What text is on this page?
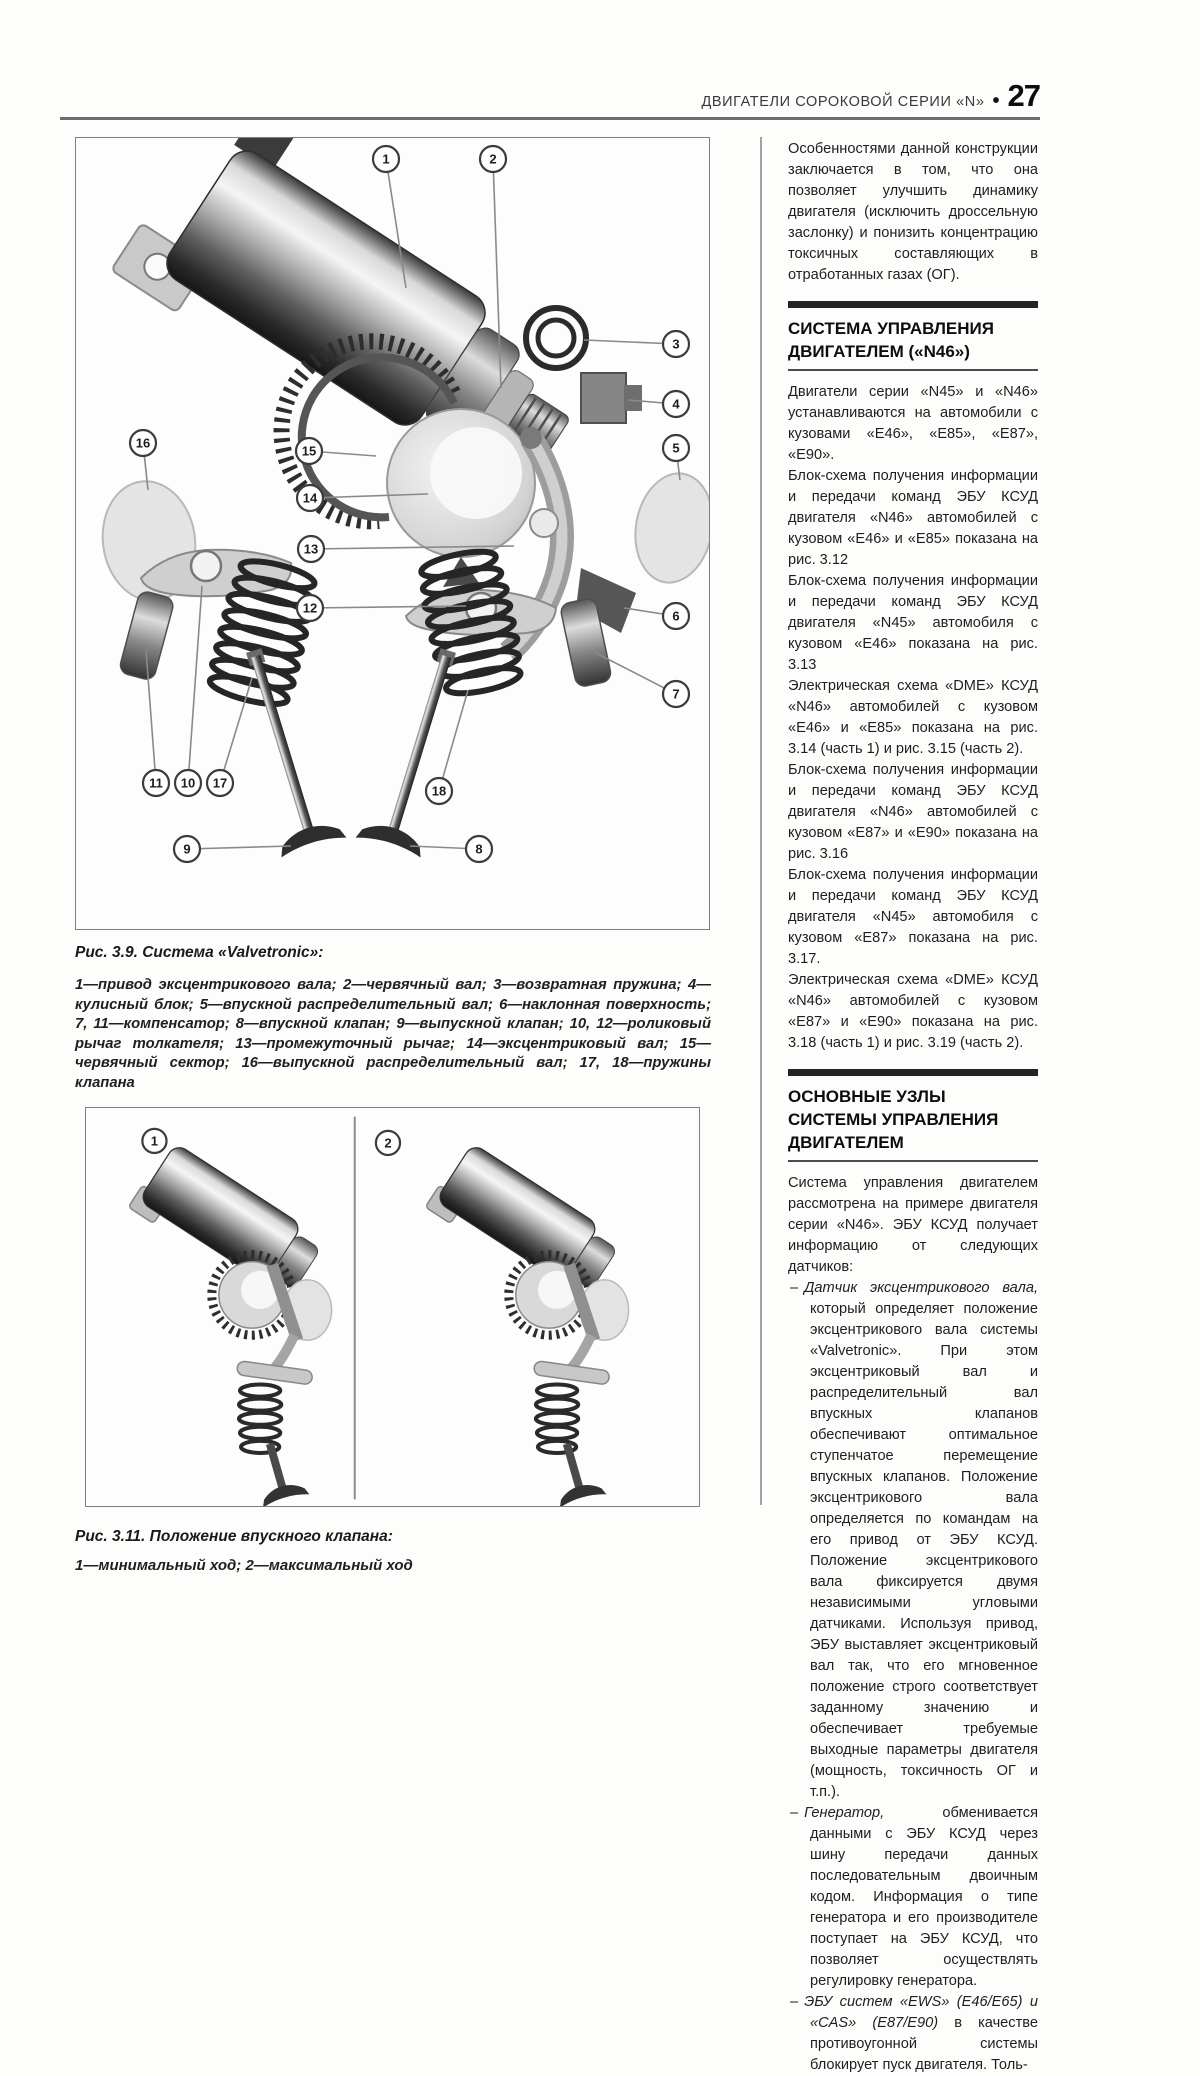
ДВИГАТЕЛИ СОРОКОВОЙ СЕРИИ «N» • 27
1	2
3
4
5
16
15
14
13
12
6
7
11 10 17
18
9	8
Рис. 3.9. Система «Valvetronic»:
1—привод эксцентрикового вала; 2—червячный вал; 3—возвратная пружина; 4—кулисный блок; 5—впускной распределительный вал; 6—наклонная поверхность; 7, 11—компенсатор; 8—впускной клапан; 9—выпускной клапан; 10, 12—роликовый рычаг толкателя; 13—промежуточный рычаг; 14—эксцентриковый вал; 15—червячный сектор; 16—выпускной распределительный вал; 17, 18—пружины клапана
1	2
Рис. 3.11. Положение впускного клапана:
1—минимальный ход; 2—максимальный ход

Особенностями данной конструкции заключается в том, что она позволяет улучшить динамику двигателя (исключить дроссельную заслонку) и понизить концентрацию токсичных составляющих в отработанных газах (ОГ).

СИСТЕМА УПРАВЛЕНИЯ ДВИГАТЕЛЕМ («N46»)

Двигатели серии «N45» и «N46» устанавливаются на автомобили с кузовами «Е46», «Е85», «Е87», «Е90».

Блок-схема получения информации и передачи команд ЭБУ КСУД двигателя «N46» автомобилей с кузовом «Е46» и «Е85» показана на рис. 3.12

Блок-схема получения информации и передачи команд ЭБУ КСУД двигателя «N45» автомобиля с кузовом «Е46» показана на рис. 3.13

Электрическая схема «DME» КСУД «N46» автомобилей с кузовом «Е46» и «Е85» показана на рис. 3.14 (часть 1) и рис. 3.15 (часть 2).

Блок-схема получения информации и передачи команд ЭБУ КСУД двигателя «N46» автомобилей с кузовом «Е87» и «Е90» показана на рис. 3.16

Блок-схема получения информации и передачи команд ЭБУ КСУД двигателя «N45» автомобиля с кузовом «Е87» показана на рис. 3.17.

Электрическая схема «DME» КСУД «N46» автомобилей с кузовом «Е87» и «Е90» показана на рис. 3.18 (часть 1) и рис. 3.19 (часть 2).

ОСНОВНЫЕ УЗЛЫ СИСТЕМЫ УПРАВЛЕНИЯ ДВИГАТЕЛЕМ

Система управления двигателем рассмотрена на примере двигателя серии «N46». ЭБУ КСУД получает информацию от следующих датчиков:

– Датчик эксцентрикового вала, который определяет положение эксцентрикового вала системы «Valvetronic». При этом эксцентриковый вал и распределительный вал впускных клапанов обеспечивают оптимальное ступенчатое перемещение впускных клапанов. Положение эксцентрикового вала определяется по командам на его привод от ЭБУ КСУД. Положение эксцентрикового вала фиксируется двумя независимыми угловыми датчиками. Используя привод, ЭБУ выставляет эксцентриковый вал так, что его мгновенное положение строго соответствует заданному значению и обеспечивает требуемые выходные параметры двигателя (мощность, токсичность ОГ и т.п.).

– Генератор, обменивается данными с ЭБУ КСУД через шину передачи данных последовательным двоичным кодом. Информация о типе генератора и его производителе поступает на ЭБУ КСУД, что позволяет осуществлять регулировку генератора.

– ЭБУ систем «EWS» (Е46/Е65) и «CAS» (Е87/Е90) в качестве противоугонной системы блокирует пуск двигателя. Толь-
